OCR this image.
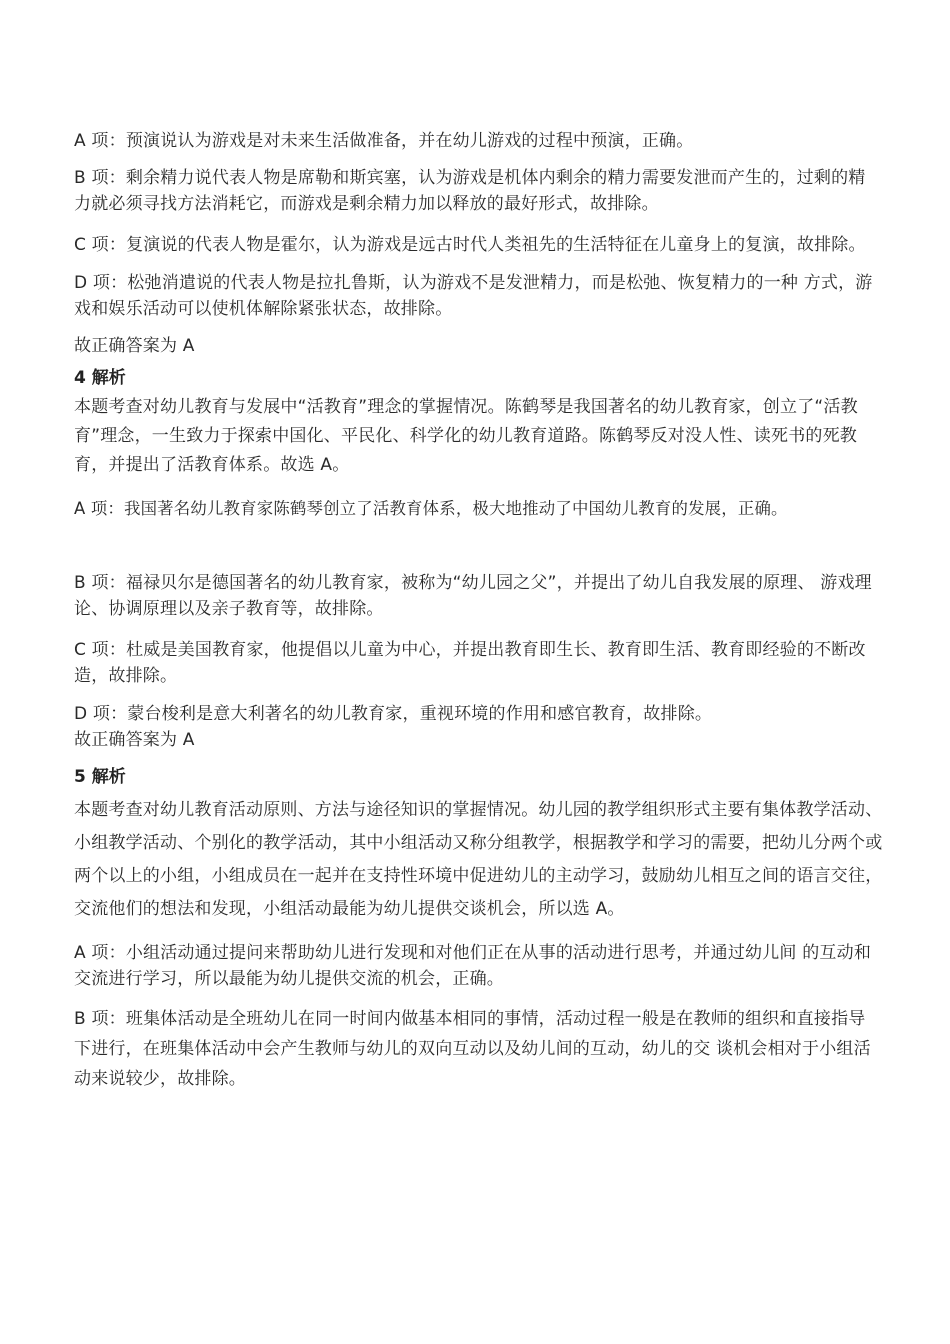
A 项：预演说认为游戏是对未来生活做准备，并在幼儿游戏的过程中预演，正确。

B 项：剩余精力说代表人物是席勒和斯宾塞，认为游戏是机体内剩余的精力需要发泄而产生的，过剩的精力就必须寻找方法消耗它，而游戏是剩余精力加以释放的最好形式，故排除。

C 项：复演说的代表人物是霍尔，认为游戏是远古时代人类祖先的生活特征在儿童身上的复演，故排除。

D 项：松弛消遣说的代表人物是拉扎鲁斯，认为游戏不是发泄精力，而是松弛、恢复精力的一种 方式，游戏和娱乐活动可以使机体解除紧张状态，故排除。

故正确答案为 A

4 解析

本题考查对幼儿教育与发展中“活教育”理念的掌握情况。陈鹤琴是我国著名的幼儿教育家，创立了“活教育”理念，一生致力于探索中国化、平民化、科学化的幼儿教育道路。陈鹤琴反对没人性、读死书的死教育，并提出了活教育体系。故选 A。

A 项：我国著名幼儿教育家陈鹤琴创立了活教育体系，极大地推动了中国幼儿教育的发展，正确。

B 项：福禄贝尔是德国著名的幼儿教育家，被称为“幼儿园之父”，并提出了幼儿自我发展的原理、 游戏理论、协调原理以及亲子教育等，故排除。

C 项：杜威是美国教育家，他提倡以儿童为中心，并提出教育即生长、教育即生活、教育即经验的不断改造，故排除。

D 项：蒙台梭利是意大利著名的幼儿教育家，重视环境的作用和感官教育，故排除。

故正确答案为 A

5 解析

本题考查对幼儿教育活动原则、方法与途径知识的掌握情况。幼儿园的教学组织形式主要有集体教学活动、小组教学活动、个别化的教学活动，其中小组活动又称分组教学，根据教学和学习的需要，把幼儿分两个或两个以上的小组，小组成员在一起并在支持性环境中促进幼儿的主动学习，鼓励幼儿相互之间的语言交往，交流他们的想法和发现，小组活动最能为幼儿提供交谈机会，所以选 A。

A 项：小组活动通过提问来帮助幼儿进行发现和对他们正在从事的活动进行思考，并通过幼儿间 的互动和交流进行学习，所以最能为幼儿提供交流的机会，正确。

B 项：班集体活动是全班幼儿在同一时间内做基本相同的事情，活动过程一般是在教师的组织和直接指导下进行，在班集体活动中会产生教师与幼儿的双向互动以及幼儿间的互动，幼儿的交 谈机会相对于小组活动来说较少，故排除。
